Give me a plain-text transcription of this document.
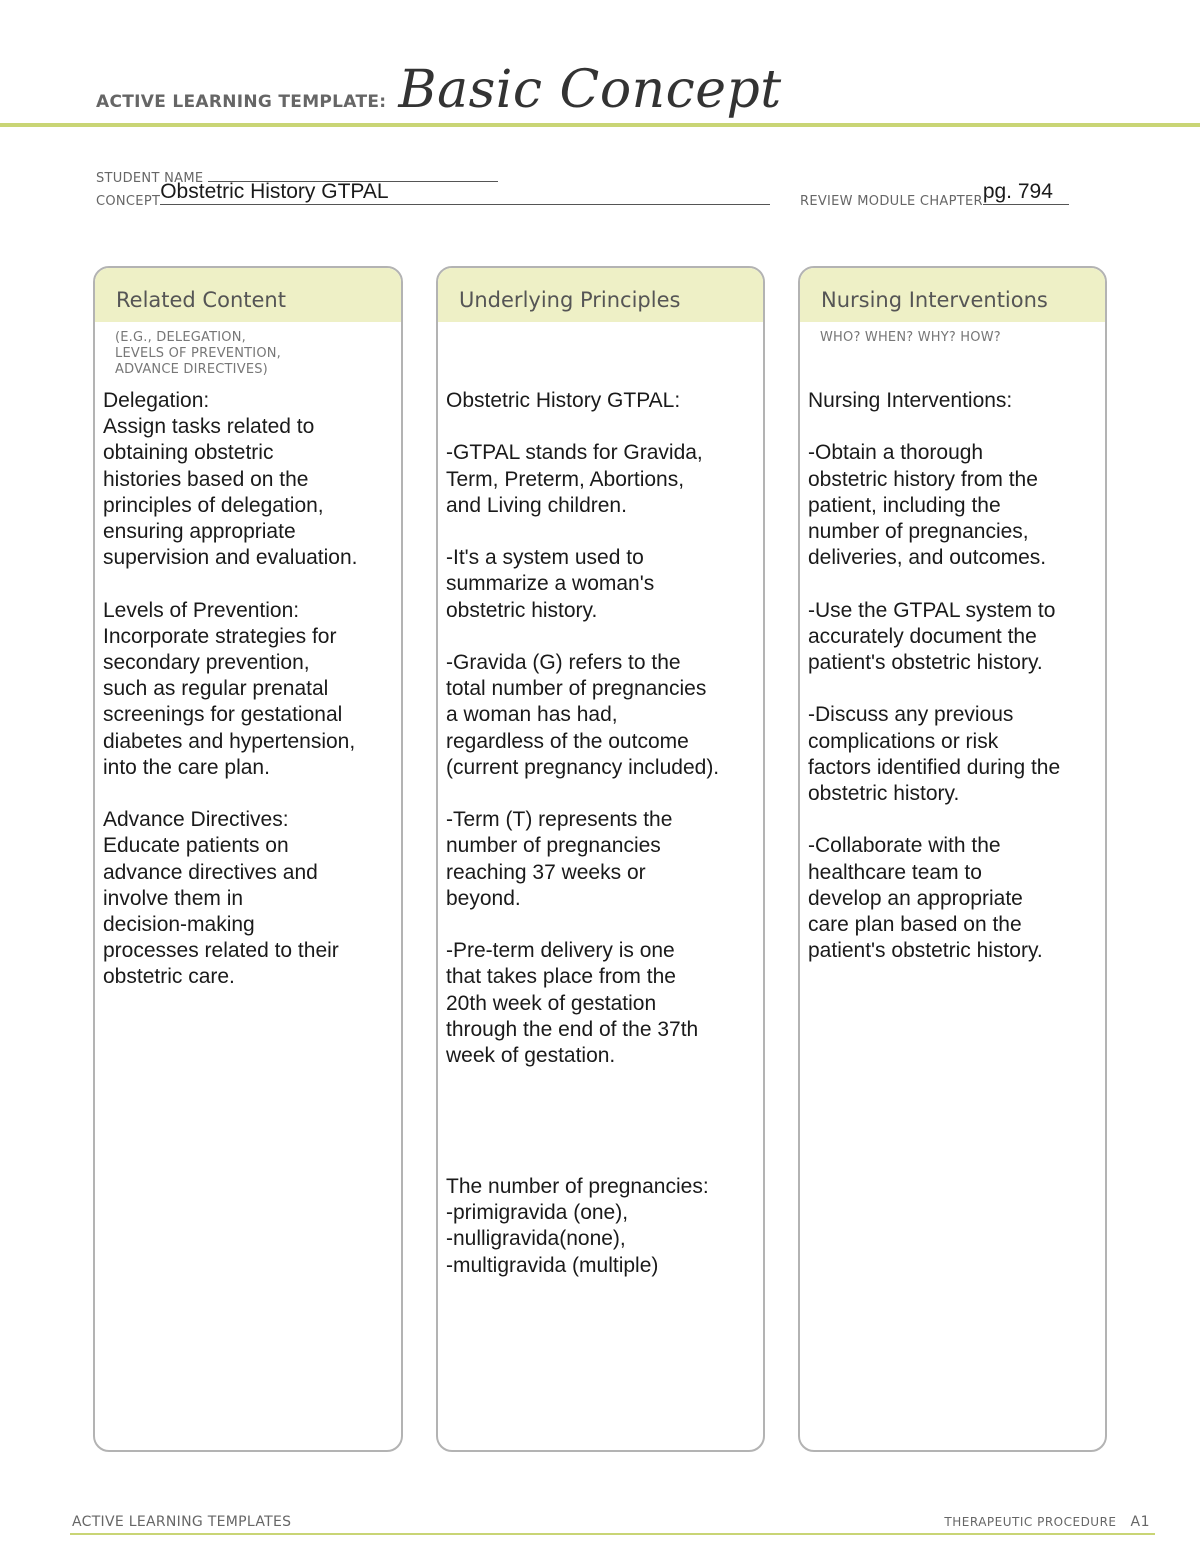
ACTIVE LEARNING TEMPLATE: Basic Concept
STUDENT NAME
CONCEPT Obstetric History GTPAL	REVIEW MODULE CHAPTER pg. 794
Related Content
(E.G., DELEGATION,
LEVELS OF PREVENTION,
ADVANCE DIRECTIVES)
Delegation:
Assign tasks related to
obtaining obstetric
histories based on the
principles of delegation,
ensuring appropriate
supervision and evaluation.
Levels of Prevention:
Incorporate strategies for
secondary prevention,
such as regular prenatal
screenings for gestational
diabetes and hypertension,
into the care plan.
Advance Directives:
Educate patients on
advance directives and
involve them in
decision-making
processes related to their
obstetric care.
Underlying Principles
Obstetric History GTPAL:
-GTPAL stands for Gravida,
Term, Preterm, Abortions,
and Living children.
-It's a system used to
summarize a woman's
obstetric history.
-Gravida (G) refers to the
total number of pregnancies
a woman has had,
regardless of the outcome
(current pregnancy included).
-Term (T) represents the
number of pregnancies
reaching 37 weeks or
beyond.
-Pre-term delivery is one
that takes place from the
20th week of gestation
through the end of the 37th
week of gestation.

The number of pregnancies:
-primigravida (one),
-nulligravida(none),
-multigravida (multiple)
Nursing Interventions
WHO? WHEN? WHY? HOW?
Nursing Interventions:
-Obtain a thorough
obstetric history from the
patient, including the
number of pregnancies,
deliveries, and outcomes.
-Use the GTPAL system to
accurately document the
patient's obstetric history.
-Discuss any previous
complications or risk
factors identified during the
obstetric history.
-Collaborate with the
healthcare team to
develop an appropriate
care plan based on the
patient's obstetric history.
ACTIVE LEARNING TEMPLATES	THERAPEUTIC PROCEDURE A1
